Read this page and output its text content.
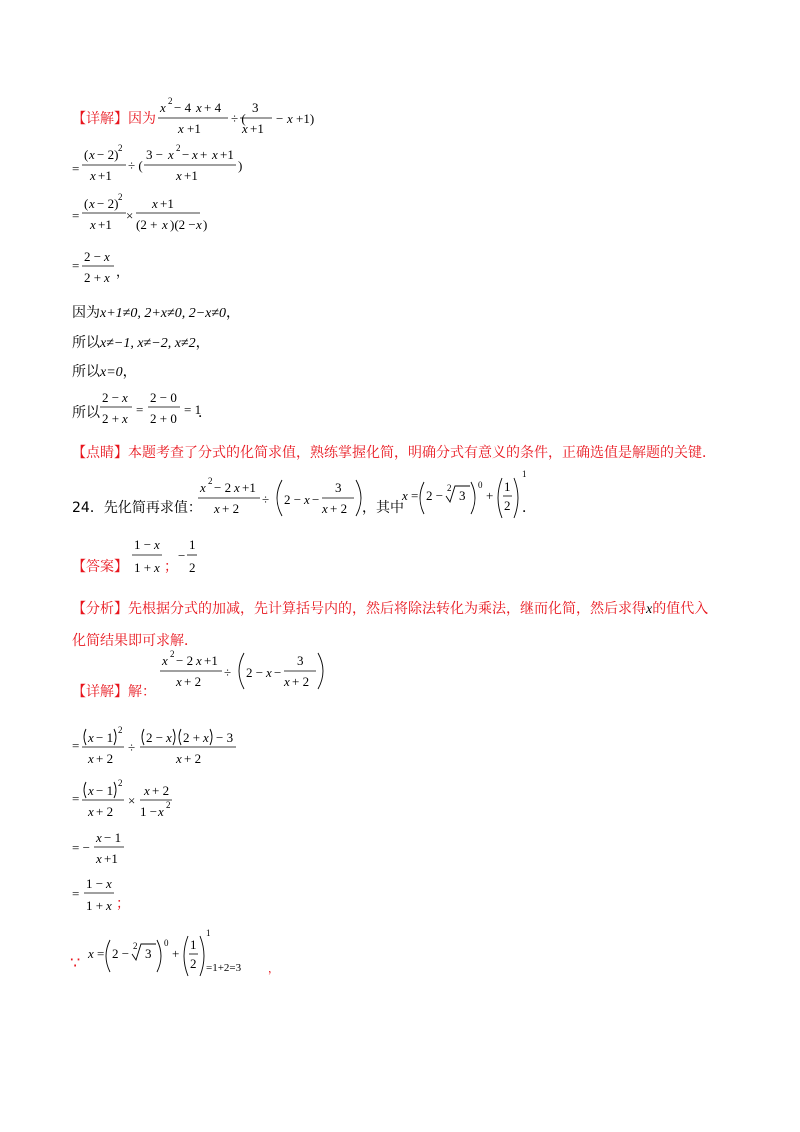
【详解】因为
x 2 − 4 x + 4
x +1
÷ (
3
x +1
− x +1)
=
( x − 2) 2
x +1
÷ (
3 − x 2 − x + x +1
x +1
)
=
( x − 2) 2
x +1
×
x +1
(2 + x )(2 − x )
=
2 − x
2 + x ，
因为x+1≠0, 2+x≠0, 2−x≠0，
所以x≠−1, x≠−2, x≠2，
所以x=0，
所以
2 − x
2 + x
=
2 − 0
2 + 0
= 1
．
【点睛】本题考查了分式的化简求值，熟练掌握化简，明确分式有意义的条件，正确选值是解题的关键．
24．先化简再求值：
x 2 − 2 x +1
x + 2
÷ 2 − x −
3
x + 2 ，其中
x = 2 − 2 3
0
+
1
2
1
．
【答案】
1 − x
1 + x
−
1
2
；
【分析】先根据分式的加减，先计算括号内的，然后将除法转化为乘法，继而化简，然后求得x的值代入
化简结果即可求解．
【详解】解：
x 2 − 2 x +1
x + 2
÷ 2 − x −
3
x + 2
=
x − 1 2
x + 2
÷
2 − x 2 + x − 3
x + 2
=
x − 1 2
x + 2
×
x + 2
1 − x 2
= −
x − 1
x +1
=
1 − x
1 + x ；
∵ x = 2 − 2 3
0
+
1
2
1
=1+2=3 ，
